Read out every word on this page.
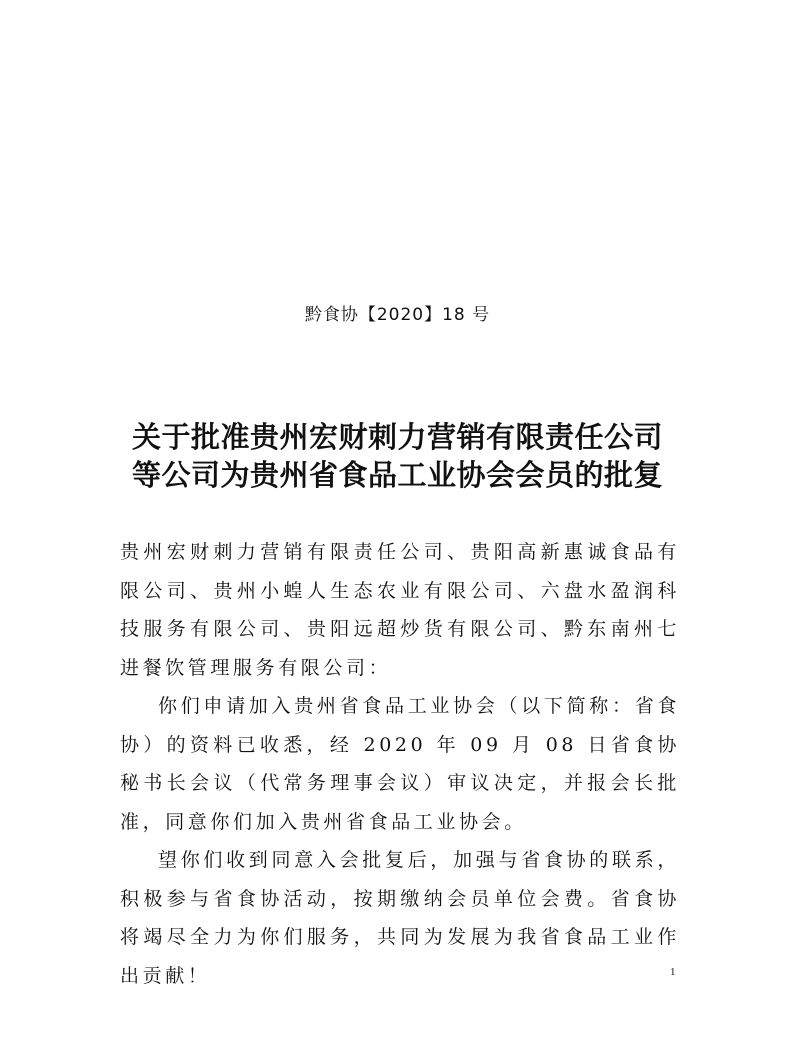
黔食协【2020】18 号
关于批准贵州宏财刺力营销有限责任公司
等公司为贵州省食品工业协会会员的批复

贵州宏财刺力营销有限责任公司、贵阳高新惠诚食品有限公司、贵州小蝗人生态农业有限公司、六盘水盈润科技服务有限公司、贵阳远超炒货有限公司、黔东南州七进餐饮管理服务有限公司：

你们申请加入贵州省食品工业协会（以下简称：省食协）的资料已收悉，经 2020 年 09 月 08 日省食协秘书长会议（代常务理事会议）审议决定，并报会长批准，同意你们加入贵州省食品工业协会。

望你们收到同意入会批复后，加强与省食协的联系，积极参与省食协活动，按期缴纳会员单位会费。省食协将竭尽全力为你们服务，共同为发展为我省食品工业作出贡献！	1
